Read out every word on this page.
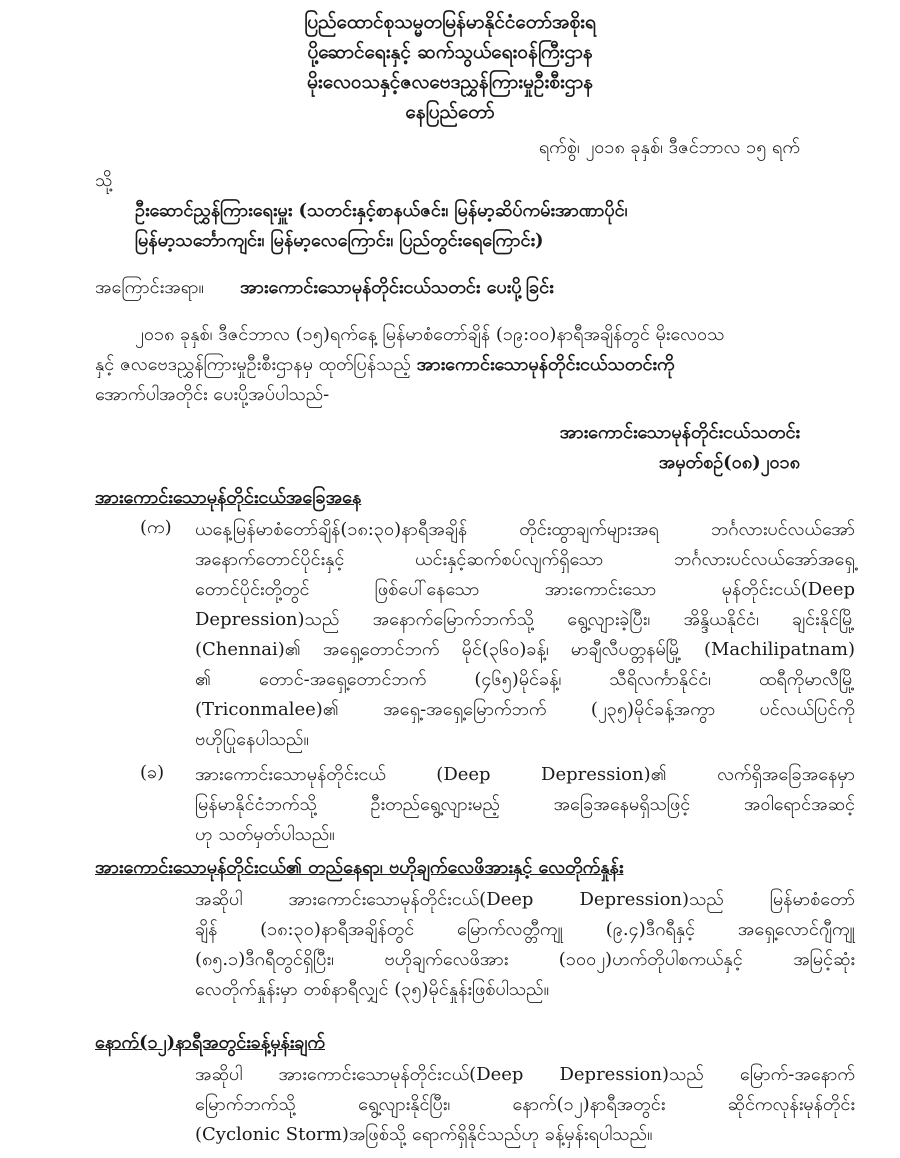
ပြည်ထောင်စုသမ္မတမြန်မာနိုင်ငံတော်အစိုးရ
ပို့ဆောင်ရေးနှင့် ဆက်သွယ်ရေးဝန်ကြီးဌာန
မိုးလေဝသနှင့်ဇလဗေဒညွှန်ကြားမှုဦးစီးဌာန
နေပြည်တော်
ရက်စွဲ၊ ၂၀၁၈ ခုနှစ်၊ ဒီဇင်ဘာလ ၁၅ ရက်
သို့
ဦးဆောင်ညွှန်ကြားရေးမှူး (သတင်းနှင့်စာနယ်ဇင်း၊ မြန်မာ့ဆိပ်ကမ်းအာဏာပိုင်၊
မြန်မာ့သင်္ဘောကျင်း၊ မြန်မာ့လေကြောင်း၊ ပြည်တွင်းရေကြောင်း)
အကြောင်းအရာ။ အားကောင်းသောမုန်တိုင်းငယ်သတင်း ပေးပို့ခြင်း
၂၀၁၈ ခုနှစ်၊ ဒီဇင်ဘာလ (၁၅)ရက်နေ့ မြန်မာစံတော်ချိန် (၁၉:၀၀)နာရီအချိန်တွင် မိုးလေဝသ
နှင့် ဇလဗေဒညွှန်ကြားမှုဦးစီးဌာနမှ ထုတ်ပြန်သည့် အားကောင်းသောမုန်တိုင်းငယ်သတင်းကို
အောက်ပါအတိုင်း ပေးပို့အပ်ပါသည်-
အားကောင်းသောမုန်တိုင်းငယ်သတင်း
အမှတ်စဉ်(၀၈)၂၀၁၈
အားကောင်းသောမုန်တိုင်းငယ်အခြေအနေ
(က) ယနေ့မြန်မာစံတော်ချိန်(၁၈:၃၀)နာရီအချိန် တိုင်းထွာချက်များအရ ဘင်္ဂလားပင်လယ်အော်
အနောက်တောင်ပိုင်းနှင့် ယင်းနှင့်ဆက်စပ်လျက်ရှိသော ဘင်္ဂလားပင်လယ်အော်အရှေ့
တောင်ပိုင်းတို့တွင် ဖြစ်ပေါ်နေသော အားကောင်းသော မုန်တိုင်းငယ်(Deep
Depression)သည် အနောက်မြောက်ဘက်သို့ ရွေ့လျားခဲ့ပြီး၊ အိန္ဒိယနိုင်ငံ၊ ချင်းနိုင်မြို့
(Chennai)၏ အရှေ့တောင်ဘက် မိုင်(၃၆၀)ခန့်၊ မာချီလီပတ္တနမ်မြို့ (Machilipatnam)
၏ တောင်-အရှေ့တောင်ဘက် (၄၆၅)မိုင်ခန့်၊ သီရိလင်္ကာနိုင်ငံ၊ ထရီကိုမာလီမြို့
(Triconmalee)၏ အရှေ့-အရှေ့မြောက်ဘက် (၂၃၅)မိုင်ခန့်အကွာ ပင်လယ်ပြင်ကို
ဗဟိုပြုနေပါသည်။
(ခ) အားကောင်းသောမုန်တိုင်းငယ် (Deep Depression)၏ လက်ရှိအခြေအနေမှာ
မြန်မာနိုင်ငံဘက်သို့ ဦးတည်ရွေ့လျားမည့် အခြေအနေမရှိသဖြင့် အဝါရောင်အဆင့်
ဟု သတ်မှတ်ပါသည်။
အားကောင်းသောမုန်တိုင်းငယ်၏ တည်နေရာ၊ ဗဟိုချက်လေဖိအားနှင့် လေတိုက်နှုန်း
အဆိုပါ အားကောင်းသောမုန်တိုင်းငယ်(Deep Depression)သည် မြန်မာစံတော်
ချိန် (၁၈:၃၀)နာရီအချိန်တွင် မြောက်လတ္တီကျု (၉.၄)ဒီဂရီနှင့် အရှေ့လောင်ဂျီကျု
(၈၅.၁)ဒီဂရီတွင်ရှိပြီး၊ ဗဟိုချက်လေဖိအား (၁၀၀၂)ဟက်တိုပါစကယ်နှင့် အမြင့်ဆုံး
လေတိုက်နှုန်းမှာ တစ်နာရီလျှင် (၃၅)မိုင်နှုန်းဖြစ်ပါသည်။
နောက်(၁၂)နာရီအတွင်းခန့်မှန်းချက်
အဆိုပါ အားကောင်းသောမုန်တိုင်းငယ်(Deep Depression)သည် မြောက်-အနောက်
မြောက်ဘက်သို့ ရွေ့လျားနိုင်ပြီး၊ နောက်(၁၂)နာရီအတွင်း ဆိုင်ကလုန်းမုန်တိုင်း
(Cyclonic Storm)အဖြစ်သို့ ရောက်ရှိနိုင်သည်ဟု ခန့်မှန်းရပါသည်။
